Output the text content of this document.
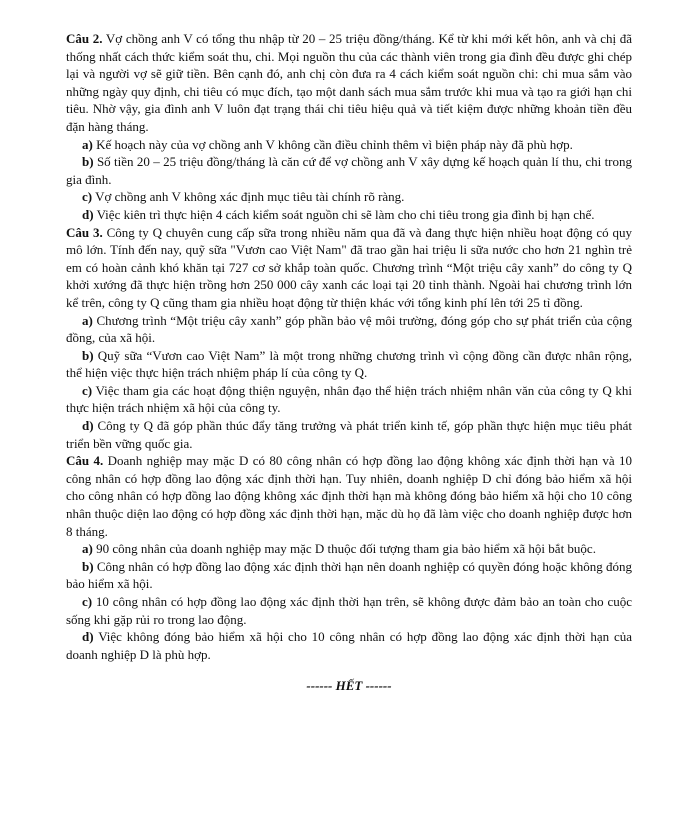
Câu 2. Vợ chồng anh V có tổng thu nhập từ 20 – 25 triệu đồng/tháng. Kể từ khi mới kết hôn, anh và chị đã thống nhất cách thức kiểm soát thu, chi. Mọi nguồn thu của các thành viên trong gia đình đều được ghi chép lại và người vợ sẽ giữ tiền. Bên cạnh đó, anh chị còn đưa ra 4 cách kiểm soát nguồn chi: chi mua sắm vào những ngày quy định, chi tiêu có mục đích, tạo một danh sách mua sắm trước khi mua và tạo ra giới hạn chi tiêu. Nhờ vậy, gia đình anh V luôn đạt trạng thái chi tiêu hiệu quả và tiết kiệm được những khoản tiền đều đặn hàng tháng.

a) Kế hoạch này của vợ chồng anh V không cần điều chỉnh thêm vì biện pháp này đã phù hợp.

b) Số tiền 20 – 25 triệu đồng/tháng là căn cứ để vợ chồng anh V xây dựng kế hoạch quản lí thu, chi trong gia đình.

c) Vợ chồng anh V không xác định mục tiêu tài chính rõ ràng.

d) Việc kiên trì thực hiện 4 cách kiểm soát nguồn chi sẽ làm cho chi tiêu trong gia đình bị hạn chế.

Câu 3. Công ty Q chuyên cung cấp sữa trong nhiều năm qua đã và đang thực hiện nhiều hoạt động có quy mô lớn. Tính đến nay, quỹ sữa "Vươn cao Việt Nam" đã trao gần hai triệu li sữa nước cho hơn 21 nghìn trẻ em có hoàn cảnh khó khăn tại 727 cơ sở khắp toàn quốc. Chương trình “Một triệu cây xanh” do công ty Q khởi xướng đã thực hiện trồng hơn 250 000 cây xanh các loại tại 20 tỉnh thành. Ngoài hai chương trình lớn kể trên, công ty Q cũng tham gia nhiều hoạt động từ thiện khác với tổng kinh phí lên tới 25 tỉ đồng.

a) Chương trình “Một triệu cây xanh” góp phần bảo vệ môi trường, đóng góp cho sự phát triển của cộng đồng, của xã hội.

b) Quỹ sữa “Vươn cao Việt Nam” là một trong những chương trình vì cộng đồng cần được nhân rộng, thể hiện việc thực hiện trách nhiệm pháp lí của công ty Q.

c) Việc tham gia các hoạt động thiện nguyện, nhân đạo thể hiện trách nhiệm nhân văn của công ty Q khi thực hiện trách nhiệm xã hội của công ty.

d) Công ty Q đã góp phần thúc đẩy tăng trưởng và phát triển kinh tế, góp phần thực hiện mục tiêu phát triển bền vững quốc gia.

Câu 4. Doanh nghiệp may mặc D có 80 công nhân có hợp đồng lao động không xác định thời hạn và 10 công nhân có hợp đồng lao động xác định thời hạn. Tuy nhiên, doanh nghiệp D chỉ đóng bảo hiểm xã hội cho công nhân có hợp đồng lao động không xác định thời hạn mà không đóng bảo hiểm xã hội cho 10 công nhân thuộc diện lao động có hợp đồng xác định thời hạn, mặc dù họ đã làm việc cho doanh nghiệp được hơn 8 tháng.

a) 90 công nhân của doanh nghiệp may mặc D thuộc đối tượng tham gia bảo hiểm xã hội bắt buộc.

b) Công nhân có hợp đồng lao động xác định thời hạn nên doanh nghiệp có quyền đóng hoặc không đóng bảo hiểm xã hội.

c) 10 công nhân có hợp đồng lao động xác định thời hạn trên, sẽ không được đảm bảo an toàn cho cuộc sống khi gặp rủi ro trong lao động.

d) Việc không đóng bảo hiểm xã hội cho 10 công nhân có hợp đồng lao động xác định thời hạn của doanh nghiệp D là phù hợp.

------ HẾT ------
